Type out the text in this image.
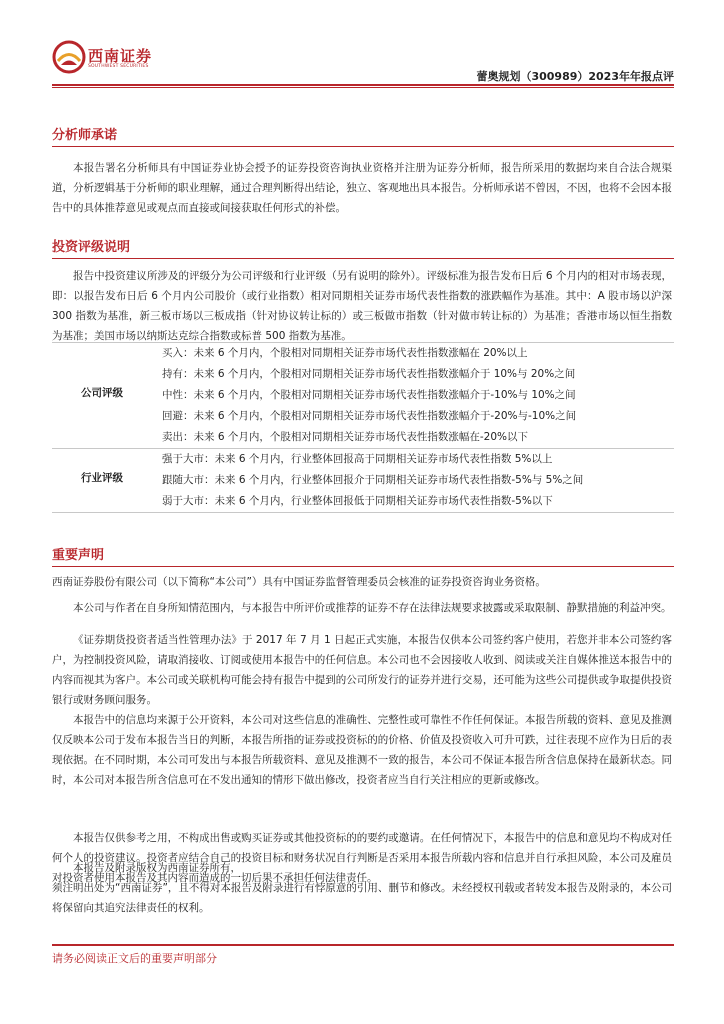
西南证券
SOUTHWEST SECURITIES
蕾奥规划（300989）2023年年报点评
分析师承诺

本报告署名分析师具有中国证券业协会授予的证券投资咨询执业资格并注册为证券分析师，报告所采用的数据均来自合法合规渠道，分析逻辑基于分析师的职业理解，通过合理判断得出结论，独立、客观地出具本报告。分析师承诺不曾因，不因，也将不会因本报告中的具体推荐意见或观点而直接或间接获取任何形式的补偿。

投资评级说明

报告中投资建议所涉及的评级分为公司评级和行业评级（另有说明的除外）。评级标准为报告发布日后 6 个月内的相对市场表现，即：以报告发布日后 6 个月内公司股价（或行业指数）相对同期相关证券市场代表性指数的涨跌幅作为基准。其中：A 股市场以沪深 300 指数为基准，新三板市场以三板成指（针对协议转让标的）或三板做市指数（针对做市转让标的）为基准；香港市场以恒生指数为基准；美国市场以纳斯达克综合指数或标普 500 指数为基准。

公司评级
买入：未来 6 个月内，个股相对同期相关证券市场代表性指数涨幅在 20%以上
持有：未来 6 个月内，个股相对同期相关证券市场代表性指数涨幅介于 10%与 20%之间
中性：未来 6 个月内，个股相对同期相关证券市场代表性指数涨幅介于-10%与 10%之间
回避：未来 6 个月内，个股相对同期相关证券市场代表性指数涨幅介于-20%与-10%之间
卖出：未来 6 个月内，个股相对同期相关证券市场代表性指数涨幅在-20%以下
行业评级
强于大市：未来 6 个月内，行业整体回报高于同期相关证券市场代表性指数 5%以上
跟随大市：未来 6 个月内，行业整体回报介于同期相关证券市场代表性指数-5%与 5%之间
弱于大市：未来 6 个月内，行业整体回报低于同期相关证券市场代表性指数-5%以下
重要声明

西南证券股份有限公司（以下简称“本公司”）具有中国证券监督管理委员会核准的证券投资咨询业务资格。

本公司与作者在自身所知情范围内，与本报告中所评价或推荐的证券不存在法律法规要求披露或采取限制、静默措施的利益冲突。

《证券期货投资者适当性管理办法》于 2017 年 7 月 1 日起正式实施，本报告仅供本公司签约客户使用，若您并非本公司签约客户，为控制投资风险，请取消接收、订阅或使用本报告中的任何信息。本公司也不会因接收人收到、阅读或关注自媒体推送本报告中的内容而视其为客户。本公司或关联机构可能会持有报告中提到的公司所发行的证券并进行交易，还可能为这些公司提供或争取提供投资银行或财务顾问服务。

本报告中的信息均来源于公开资料，本公司对这些信息的准确性、完整性或可靠性不作任何保证。本报告所载的资料、意见及推测仅反映本公司于发布本报告当日的判断，本报告所指的证券或投资标的的价格、价值及投资收入可升可跌，过往表现不应作为日后的表现依据。在不同时期，本公司可发出与本报告所载资料、意见及推测不一致的报告，本公司不保证本报告所含信息保持在最新状态。同时，本公司对本报告所含信息可在不发出通知的情形下做出修改，投资者应当自行关注相应的更新或修改。

本报告仅供参考之用，不构成出售或购买证券或其他投资标的的要约或邀请。在任何情况下，本报告中的信息和意见均不构成对任何个人的投资建议。投资者应结合自己的投资目标和财务状况自行判断是否采用本报告所载内容和信息并自行承担风险，本公司及雇员对投资者使用本报告及其内容而造成的一切后果不承担任何法律责任。

本报告及附录版权为西南证券所有，

须注明出处为“西南证券”，且不得对本报告及附录进行有悖原意的引用、删节和修改。未经授权刊载或者转发本报告及附录的，本公司将保留向其追究法律责任的权利。

请务必阅读正文后的重要声明部分
